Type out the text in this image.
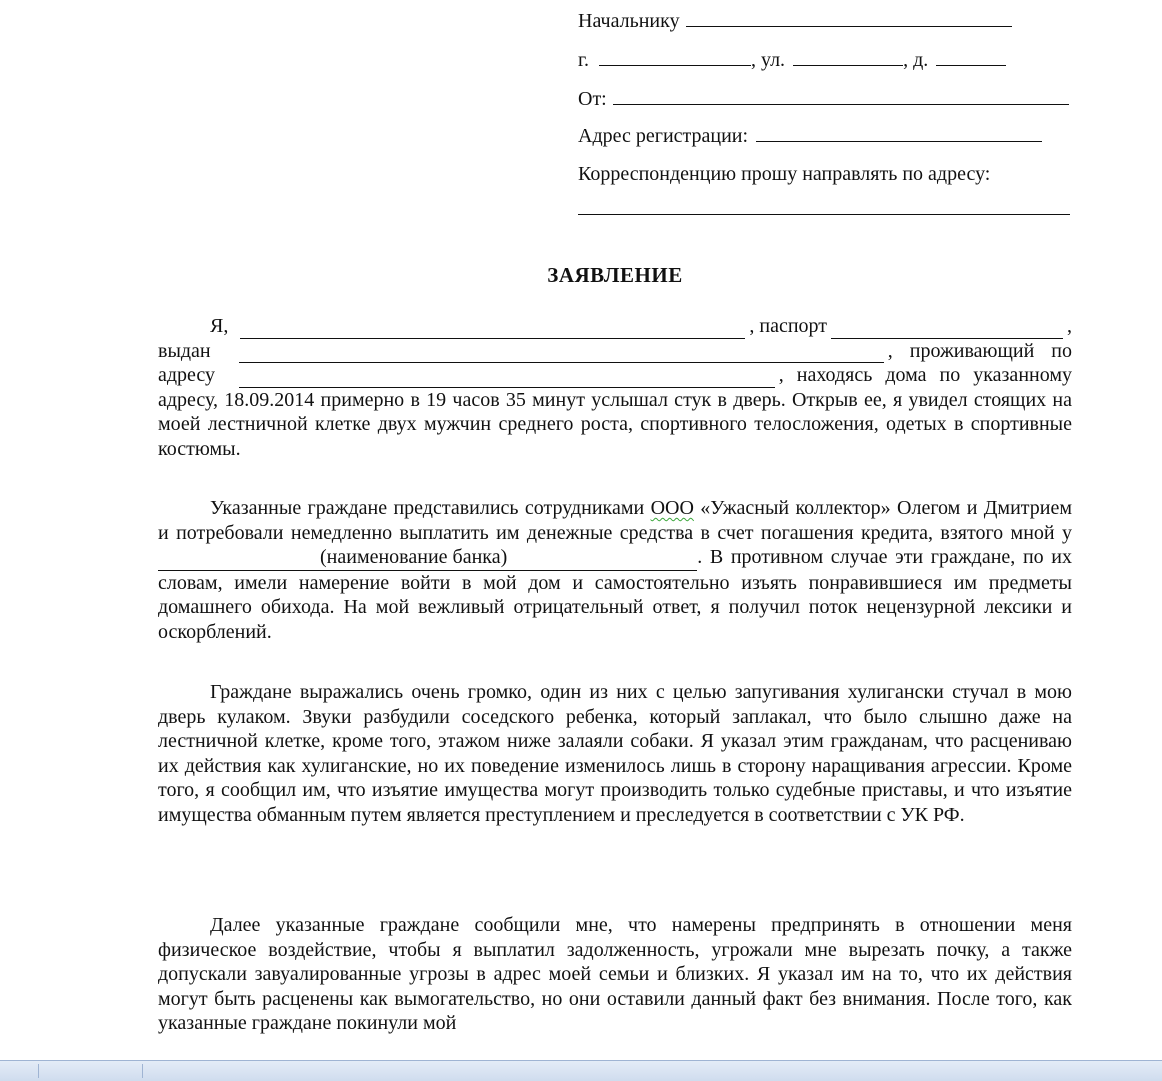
Начальнику
г.	, ул.	, д.
От:
Адрес регистрации:
Корреспонденцию прошу направлять по адресу:
ЗАЯВЛЕНИЕ
Я,	, паспорт	,
выдан	, проживающий по
адресу	, находясь дома по указанному
адресу, 18.09.2014 примерно в 19 часов 35 минут услышал стук в дверь. Открыв ее, я увидел стоящих на моей лестничной клетке двух мужчин среднего роста, спортивного телосложения, одетых в спортивные костюмы.
Указанные граждане представились сотрудниками ООО «Ужасный коллектор» Олегом и Дмитрием и потребовали немедленно выплатить им денежные средства в счет погашения кредита, взятого мной у (наименование банка)	. В противном случае эти граждане, по их словам, имели намерение войти в мой дом и самостоятельно изъять понравившиеся им предметы домашнего обихода. На мой вежливый отрицательный ответ, я получил поток нецензурной лексики и оскорблений.
Граждане выражались очень громко, один из них с целью запугивания хулигански стучал в мою дверь кулаком. Звуки разбудили соседского ребенка, который заплакал, что было слышно даже на лестничной клетке, кроме того, этажом ниже залаяли собаки. Я указал этим гражданам, что расцениваю их действия как хулиганские, но их поведение изменилось лишь в сторону наращивания агрессии. Кроме того, я сообщил им, что изъятие имущества могут производить только судебные приставы, и что изъятие имущества обманным путем является преступлением и преследуется в соответствии с УК РФ.
Далее указанные граждане сообщили мне, что намерены предпринять в отношении меня физическое воздействие, чтобы я выплатил задолженность, угрожали мне вырезать почку, а также допускали завуалированные угрозы в адрес моей семьи и близких. Я указал им на то, что их действия могут быть расценены как вымогательство, но они оставили данный факт без внимания. После того, как указанные граждане покинули мой
